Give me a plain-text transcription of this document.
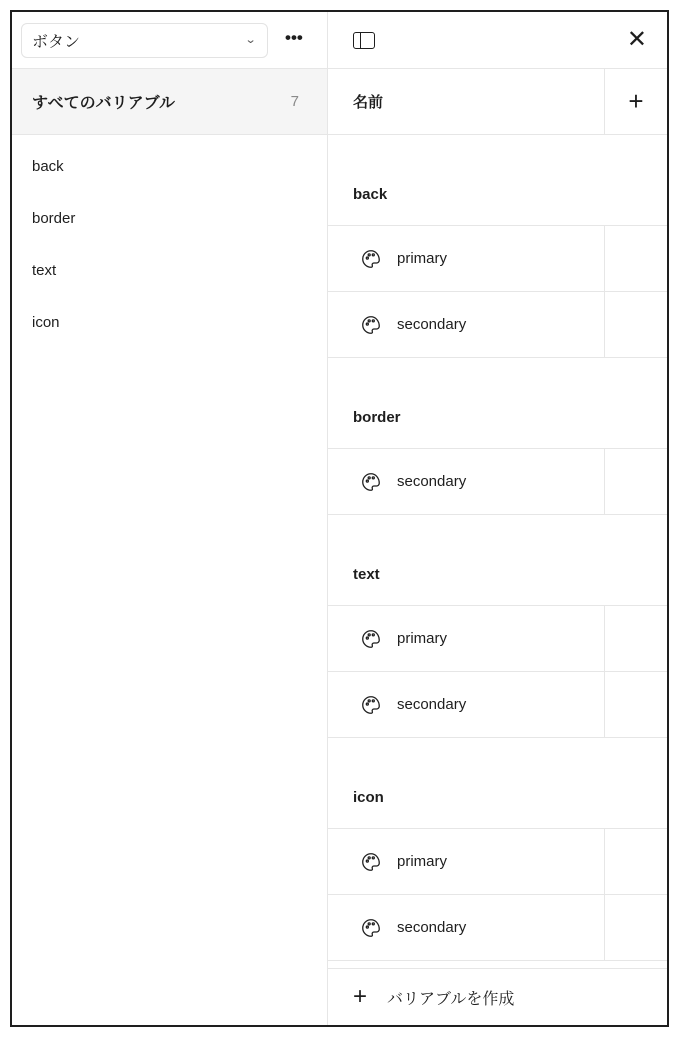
ボタン	⌄ •••
すべてのバリアブル	7
back
border
text
icon
✕
名前	+
back
primary
secondary
border
secondary
text
primary
secondary
icon
primary
secondary
+ バリアブルを作成
